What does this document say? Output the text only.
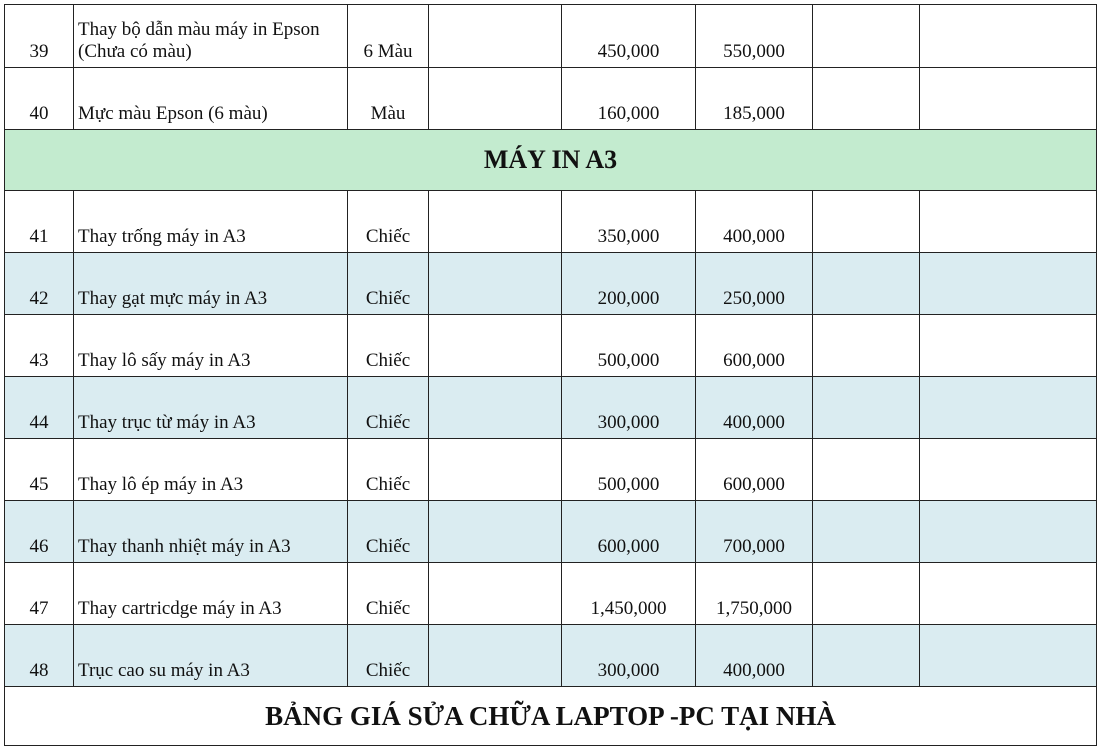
39	Thay bộ dẫn màu máy in Epson (Chưa có màu)	6 Màu		450,000	550,000		
40	Mực màu Epson (6 màu)	Màu		160,000	185,000		
MÁY IN A3							
41	Thay trống máy in A3	Chiếc		350,000	400,000		
42	Thay gạt mực máy in A3	Chiếc		200,000	250,000		
43	Thay lô sấy máy in A3	Chiếc		500,000	600,000		
44	Thay trục từ máy in A3	Chiếc		300,000	400,000		
45	Thay lô ép máy in A3	Chiếc		500,000	600,000		
46	Thay thanh nhiệt máy in A3	Chiếc		600,000	700,000		
47	Thay cartricdge máy in A3	Chiếc		1,450,000	1,750,000		
48	Trục cao su máy in A3	Chiếc		300,000	400,000		
BẢNG GIÁ SỬA CHỮA LAPTOP -PC TẠI NHÀ							
